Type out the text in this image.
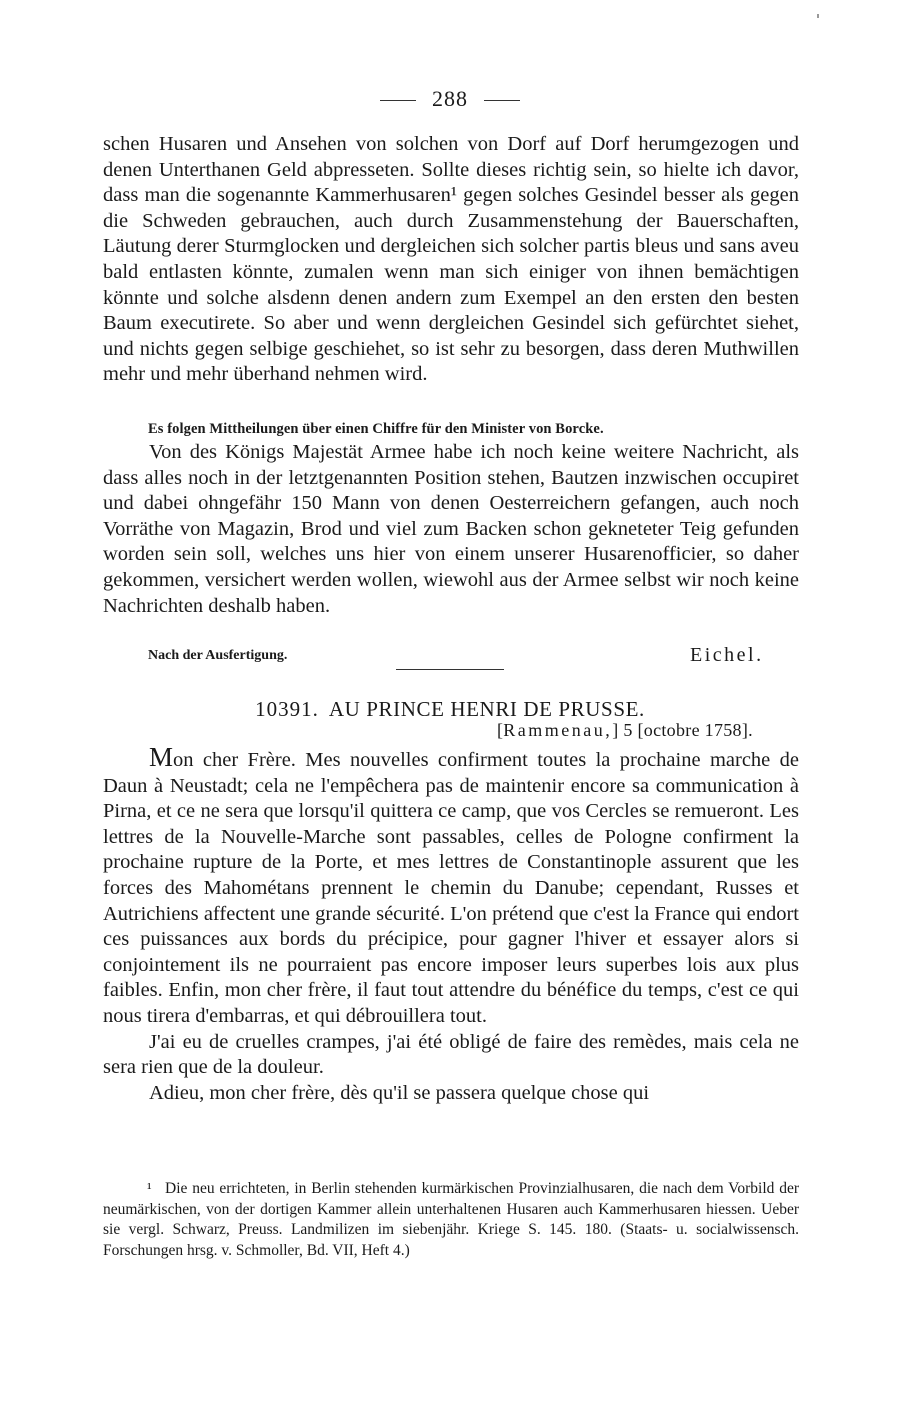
288

schen Husaren und Ansehen von solchen von Dorf auf Dorf herumgezogen und denen Unterthanen Geld abpresseten. Sollte dieses richtig sein, so hielte ich davor, dass man die sogenannte Kammerhusaren¹ gegen solches Gesindel besser als gegen die Schweden gebrauchen, auch durch Zusammenstehung der Bauerschaften, Läutung derer Sturmglocken und dergleichen sich solcher partis bleus und sans aveu bald entlasten könnte, zumalen wenn man sich einiger von ihnen bemächtigen könnte und solche alsdenn denen andern zum Exempel an den ersten den besten Baum executirete. So aber und wenn dergleichen Gesindel sich gefürchtet siehet, und nichts gegen selbige geschiehet, so ist sehr zu besorgen, dass deren Muthwillen mehr und mehr überhand nehmen wird.

Es folgen Mittheilungen über einen Chiffre für den Minister von Borcke.

Von des Königs Majestät Armee habe ich noch keine weitere Nachricht, als dass alles noch in der letztgenannten Position stehen, Bautzen inzwischen occupiret und dabei ohngefähr 150 Mann von denen Oesterreichern gefangen, auch noch Vorräthe von Magazin, Brod und viel zum Backen schon gekneteter Teig gefunden worden sein soll, welches uns hier von einem unserer Husarenofficier, so daher gekommen, versichert werden wollen, wiewohl aus der Armee selbst wir noch keine Nachrichten deshalb haben.

Nach der Ausfertigung.	Eichel.
10391. AU PRINCE HENRI DE PRUSSE.
[Rammenau,] 5 [octobre 1758].

Mon cher Frère. Mes nouvelles confirment toutes la prochaine marche de Daun à Neustadt; cela ne l'empêchera pas de maintenir encore sa communication à Pirna, et ce ne sera que lorsqu'il quittera ce camp, que vos Cercles se remueront. Les lettres de la Nouvelle-Marche sont passables, celles de Pologne confirment la prochaine rupture de la Porte, et mes lettres de Constantinople assurent que les forces des Mahométans prennent le chemin du Danube; cependant, Russes et Autrichiens affectent une grande sécurité. L'on prétend que c'est la France qui endort ces puissances aux bords du précipice, pour gagner l'hiver et essayer alors si conjointement ils ne pourraient pas encore imposer leurs superbes lois aux plus faibles. Enfin, mon cher frère, il faut tout attendre du bénéfice du temps, c'est ce qui nous tirera d'embarras, et qui débrouillera tout.

J'ai eu de cruelles crampes, j'ai été obligé de faire des remèdes, mais cela ne sera rien que de la douleur.

Adieu, mon cher frère, dès qu'il se passera quelque chose qui

¹ Die neu errichteten, in Berlin stehenden kurmärkischen Provinzialhusaren, die nach dem Vorbild der neumärkischen, von der dortigen Kammer allein unterhaltenen Husaren auch Kammerhusaren hiessen. Ueber sie vergl. Schwarz, Preuss. Landmilizen im siebenjähr. Kriege S. 145. 180. (Staats- u. socialwissensch. Forschungen hrsg. v. Schmoller, Bd. VII, Heft 4.)
